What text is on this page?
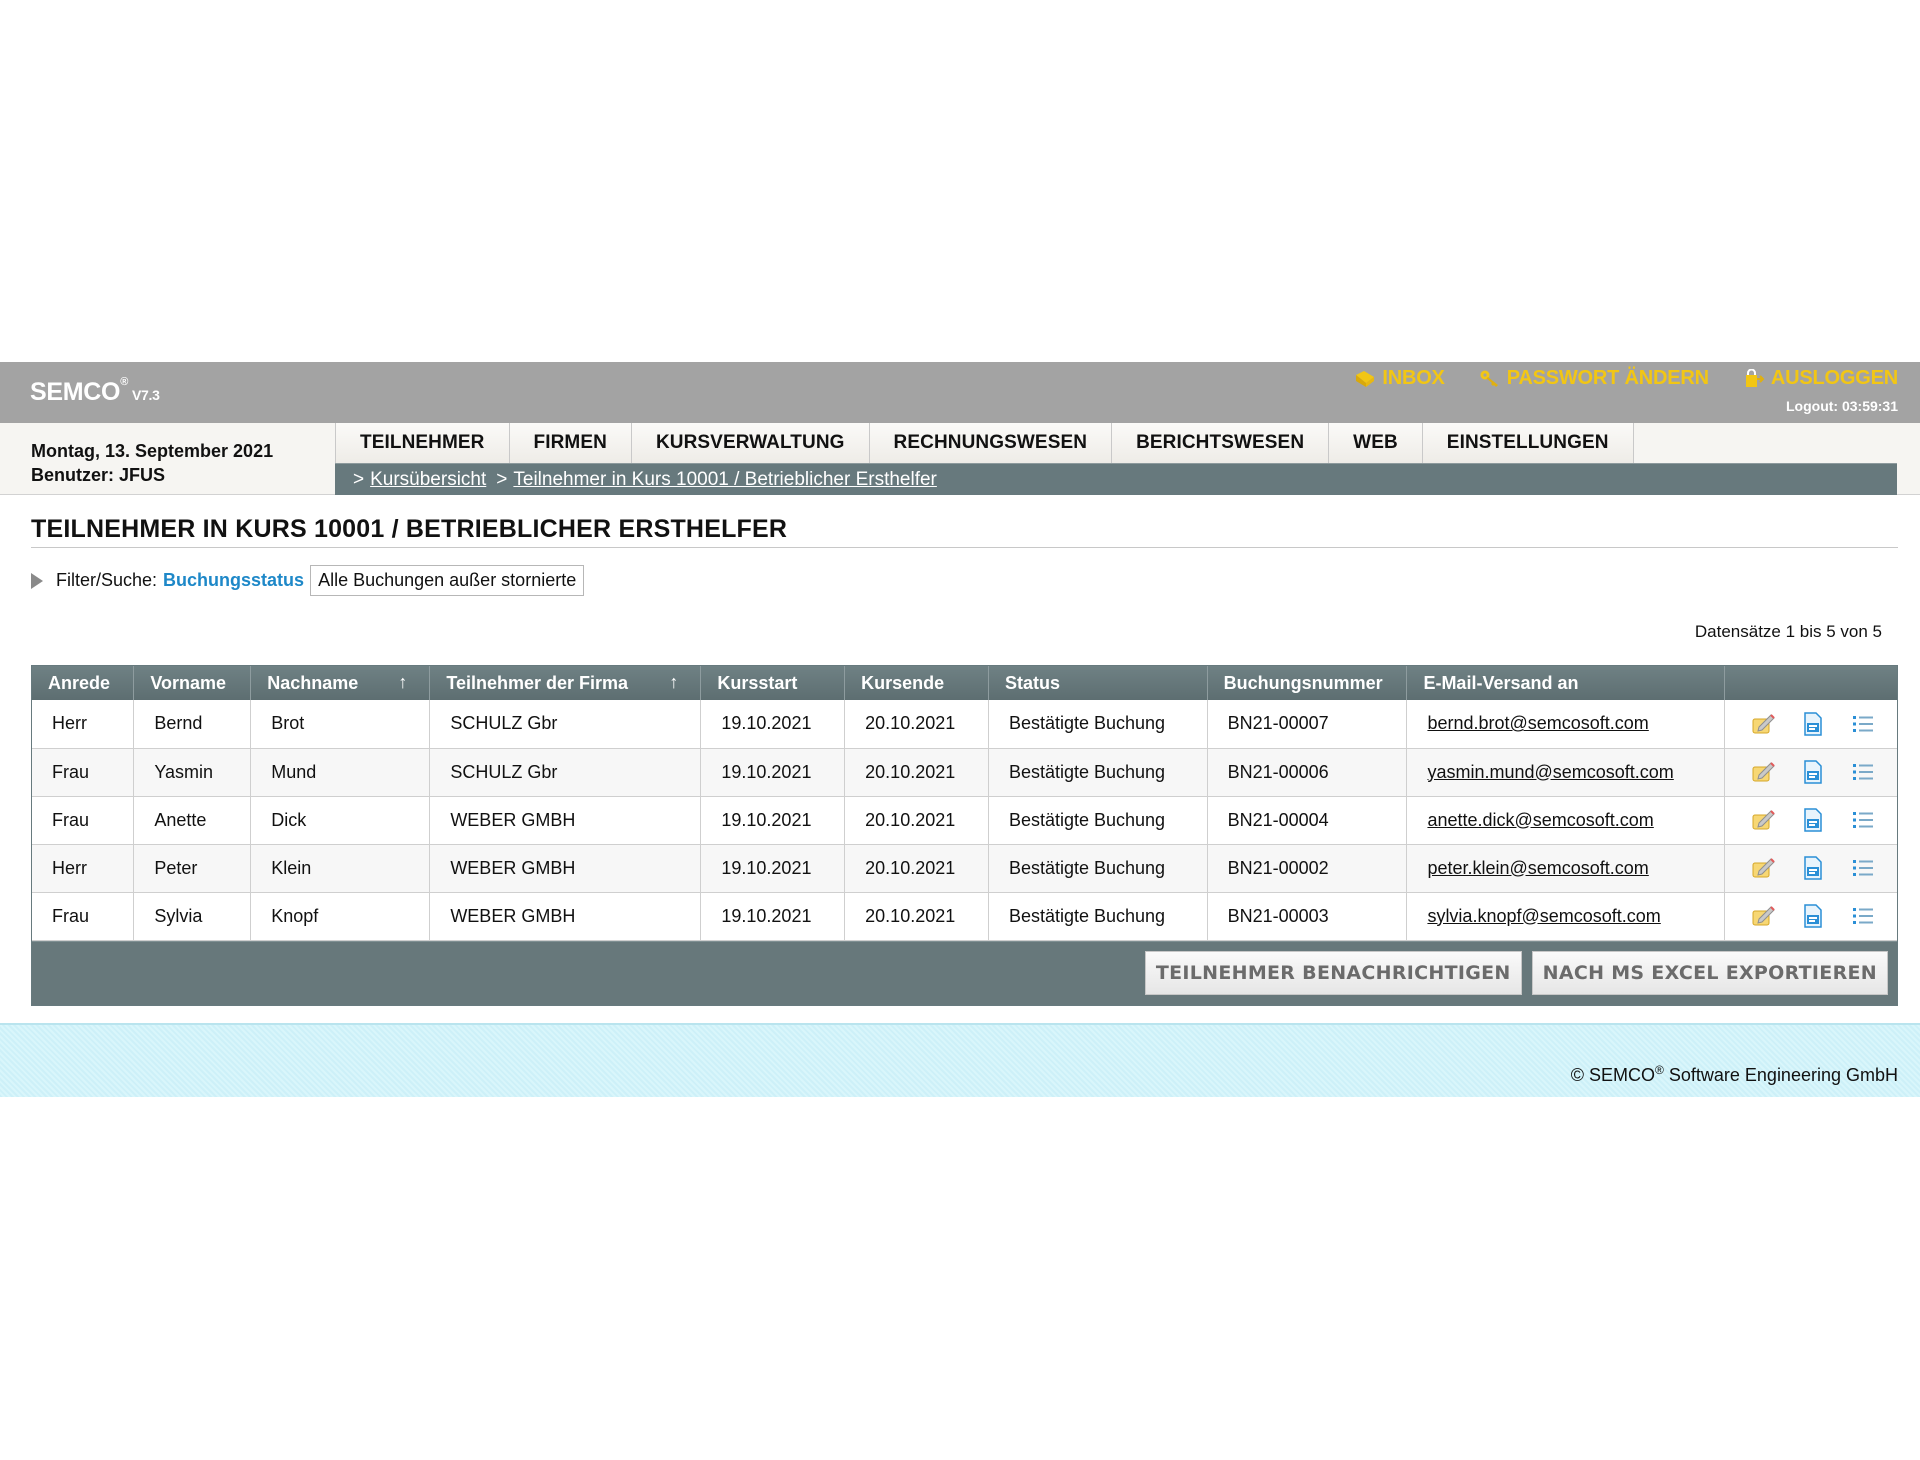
SEMCO®V7.3
INBOX	PASSWORT ÄNDERN	AUSLOGGEN
Logout: 03:59:31
Montag, 13. September 2021
Benutzer: JFUS
TEILNEHMER	FIRMEN	KURSVERWALTUNG	RECHNUNGSWESEN	BERICHTSWESEN	WEB	EINSTELLUNGEN
> Kursübersicht > Teilnehmer in Kurs 10001 / Betrieblicher Ersthelfer
TEILNEHMER IN KURS 10001 / BETRIEBLICHER ERSTHELFER
Filter/Suche: Buchungsstatus Alle Buchungen außer stornierte
Datensätze 1 bis 5 von 5
Anrede	Vorname	Nachname ↑	Teilnehmer der Firma ↑	Kursstart	Kursende	Status	Buchungsnummer	E-Mail-Versand an	
Herr	Bernd	Brot	SCHULZ Gbr	19.10.2021	20.10.2021	Bestätigte Buchung	BN21-00007	bernd.brot@semcosoft.com	

Frau	Yasmin	Mund	SCHULZ Gbr	19.10.2021	20.10.2021	Bestätigte Buchung	BN21-00006	yasmin.mund@semcosoft.com	

Frau	Anette	Dick	WEBER GMBH	19.10.2021	20.10.2021	Bestätigte Buchung	BN21-00004	anette.dick@semcosoft.com	

Herr	Peter	Klein	WEBER GMBH	19.10.2021	20.10.2021	Bestätigte Buchung	BN21-00002	peter.klein@semcosoft.com	

Frau	Sylvia	Knopf	WEBER GMBH	19.10.2021	20.10.2021	Bestätigte Buchung	BN21-00003	sylvia.knopf@semcosoft.com	
TEILNEHMER BENACHRICHTIGEN	NACH MS EXCEL EXPORTIEREN
© SEMCO® Software Engineering GmbH
